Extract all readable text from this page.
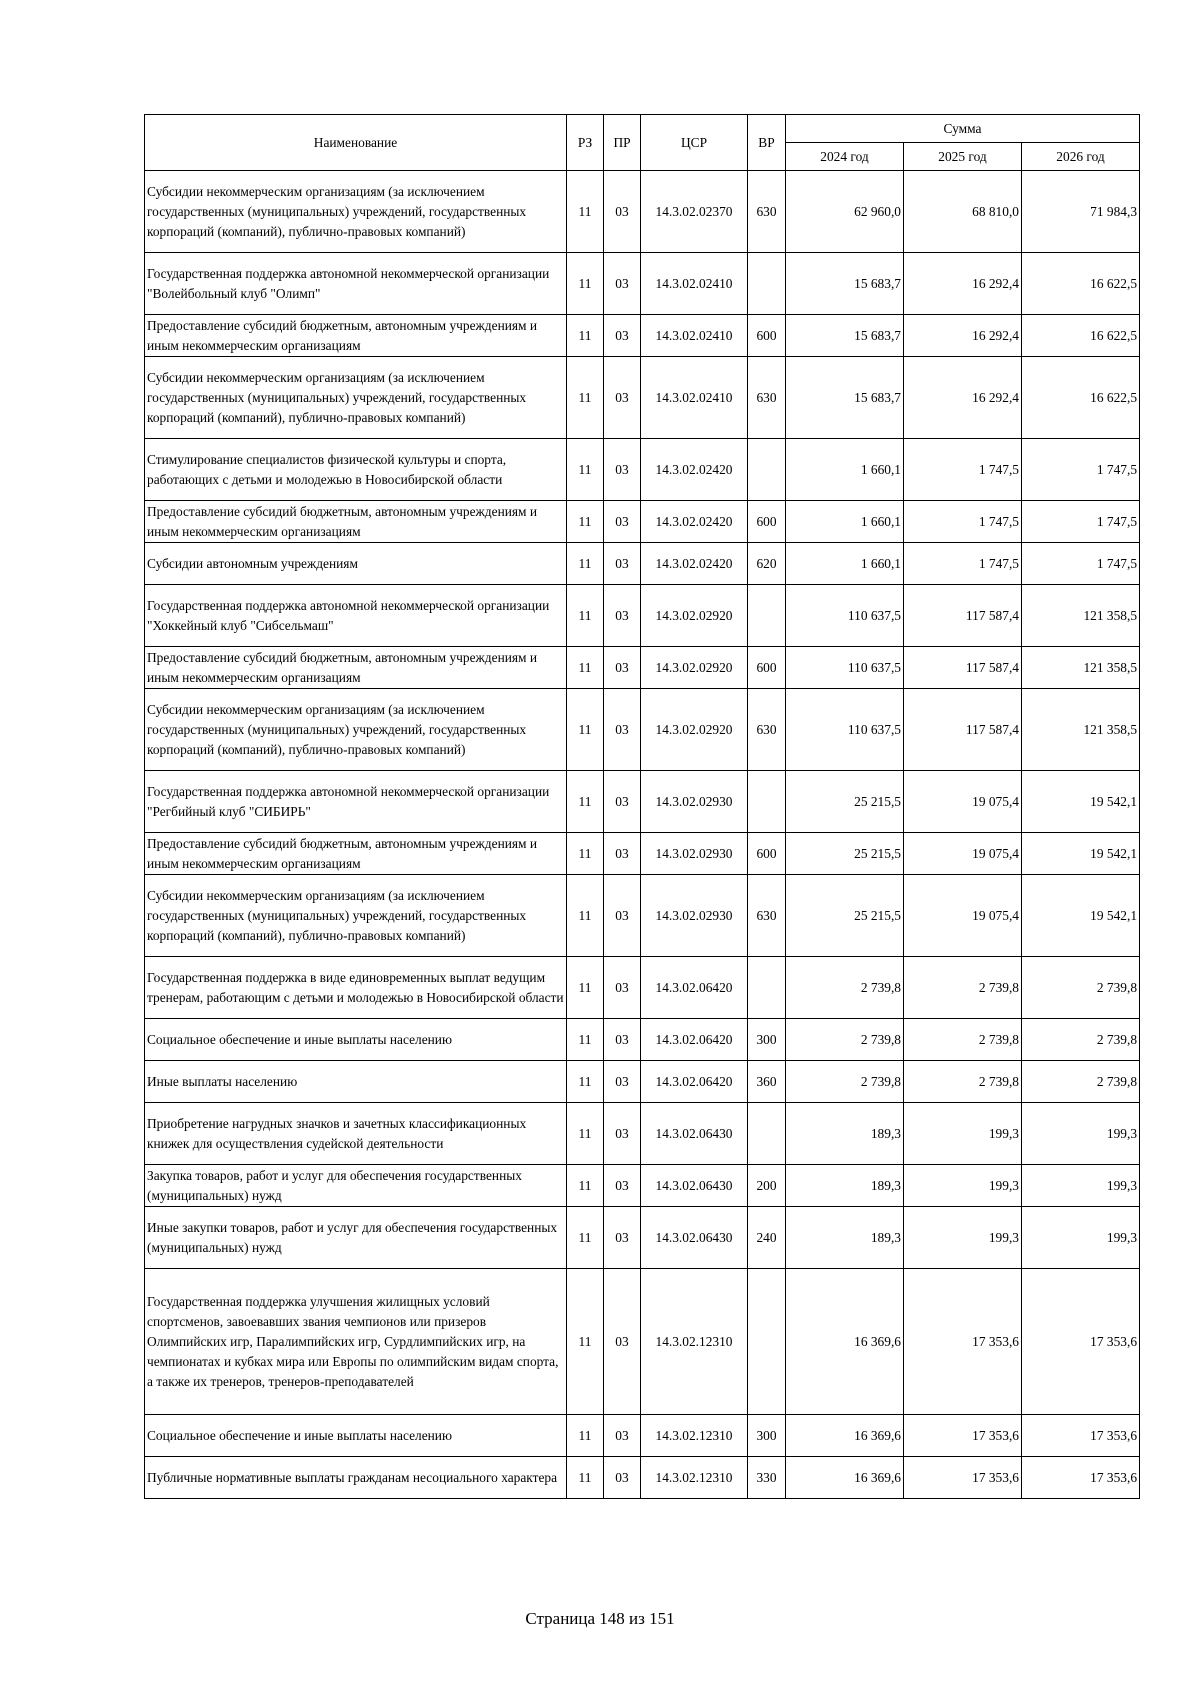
Наименование	РЗ	ПР	ЦСР	ВР	Сумма		
					2024 год	2025 год	2026 год
Субсидии некоммерческим организациям (за исключением государственных (муниципальных) учреждений, государственных корпораций (компаний), публично-правовых компаний)	11	03	14.3.02.02370	630	62 960,0	68 810,0	71 984,3
Государственная поддержка автономной некоммерческой организации "Волейбольный клуб "Олимп"	11	03	14.3.02.02410		15 683,7	16 292,4	16 622,5
Предоставление субсидий бюджетным, автономным учреждениям и иным некоммерческим организациям	11	03	14.3.02.02410	600	15 683,7	16 292,4	16 622,5
Субсидии некоммерческим организациям (за исключением государственных (муниципальных) учреждений, государственных корпораций (компаний), публично-правовых компаний)	11	03	14.3.02.02410	630	15 683,7	16 292,4	16 622,5
Стимулирование специалистов физической культуры и спорта, работающих с детьми и молодежью в Новосибирской области	11	03	14.3.02.02420		1 660,1	1 747,5	1 747,5
Предоставление субсидий бюджетным, автономным учреждениям и иным некоммерческим организациям	11	03	14.3.02.02420	600	1 660,1	1 747,5	1 747,5
Субсидии автономным учреждениям	11	03	14.3.02.02420	620	1 660,1	1 747,5	1 747,5
Государственная поддержка автономной некоммерческой организации "Хоккейный клуб "Сибсельмаш"	11	03	14.3.02.02920		110 637,5	117 587,4	121 358,5
Предоставление субсидий бюджетным, автономным учреждениям и иным некоммерческим организациям	11	03	14.3.02.02920	600	110 637,5	117 587,4	121 358,5
Субсидии некоммерческим организациям (за исключением государственных (муниципальных) учреждений, государственных корпораций (компаний), публично-правовых компаний)	11	03	14.3.02.02920	630	110 637,5	117 587,4	121 358,5
Государственная поддержка автономной некоммерческой организации "Регбийный клуб "СИБИРЬ"	11	03	14.3.02.02930		25 215,5	19 075,4	19 542,1
Предоставление субсидий бюджетным, автономным учреждениям и иным некоммерческим организациям	11	03	14.3.02.02930	600	25 215,5	19 075,4	19 542,1
Субсидии некоммерческим организациям (за исключением государственных (муниципальных) учреждений, государственных корпораций (компаний), публично-правовых компаний)	11	03	14.3.02.02930	630	25 215,5	19 075,4	19 542,1
Государственная поддержка в виде единовременных выплат ведущим тренерам, работающим с детьми и молодежью в Новосибирской области	11	03	14.3.02.06420		2 739,8	2 739,8	2 739,8
Социальное обеспечение и иные выплаты населению	11	03	14.3.02.06420	300	2 739,8	2 739,8	2 739,8
Иные выплаты населению	11	03	14.3.02.06420	360	2 739,8	2 739,8	2 739,8
Приобретение нагрудных значков и зачетных классификационных книжек для осуществления судейской деятельности	11	03	14.3.02.06430		189,3	199,3	199,3
Закупка товаров, работ и услуг для обеспечения государственных (муниципальных) нужд	11	03	14.3.02.06430	200	189,3	199,3	199,3
Иные закупки товаров, работ и услуг для обеспечения государственных (муниципальных) нужд	11	03	14.3.02.06430	240	189,3	199,3	199,3
Государственная поддержка улучшения жилищных условий спортсменов, завоевавших звания чемпионов или призеров Олимпийских игр, Паралимпийских игр, Сурдлимпийских игр, на чемпионатах и кубках мира или Европы по олимпийским видам спорта, а также их тренеров, тренеров-преподавателей	11	03	14.3.02.12310		16 369,6	17 353,6	17 353,6
Социальное обеспечение и иные выплаты населению	11	03	14.3.02.12310	300	16 369,6	17 353,6	17 353,6
Публичные нормативные выплаты гражданам несоциального характера	11	03	14.3.02.12310	330	16 369,6	17 353,6	17 353,6
Страница 148 из 151
